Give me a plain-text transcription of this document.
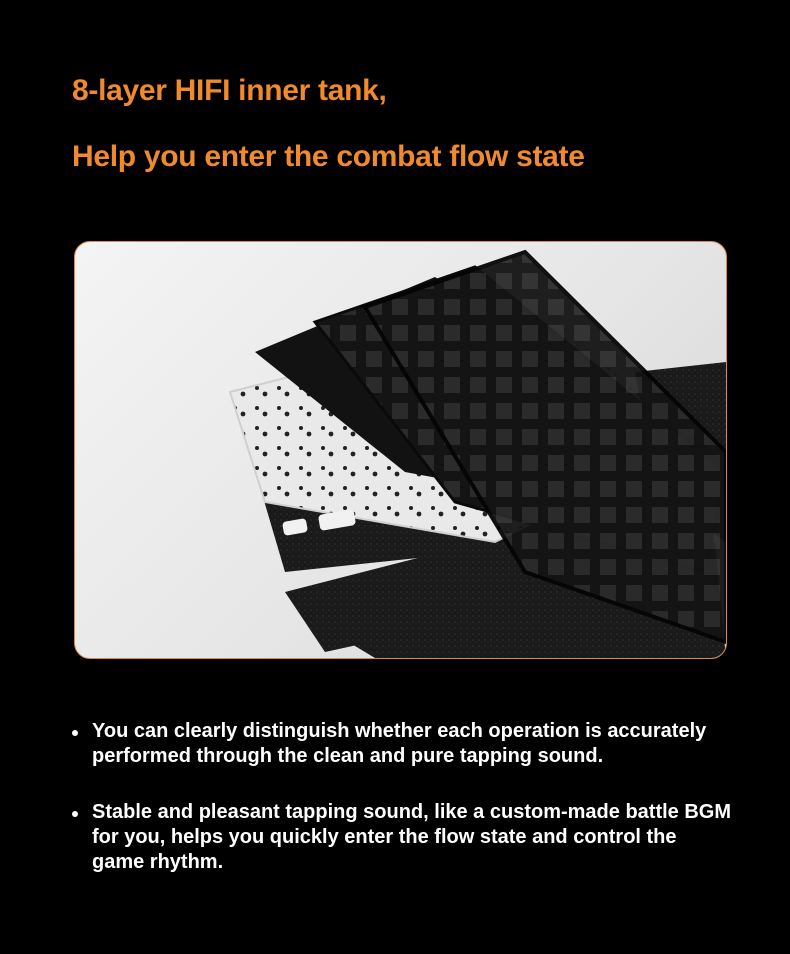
8-layer HIFI inner tank,
Help you enter the combat flow state
You can clearly distinguish whether each operation is accurately performed through the clean and pure tapping sound.
Stable and pleasant tapping sound, like a custom-made battle BGM for you, helps you quickly enter the flow state and control the game rhythm.
